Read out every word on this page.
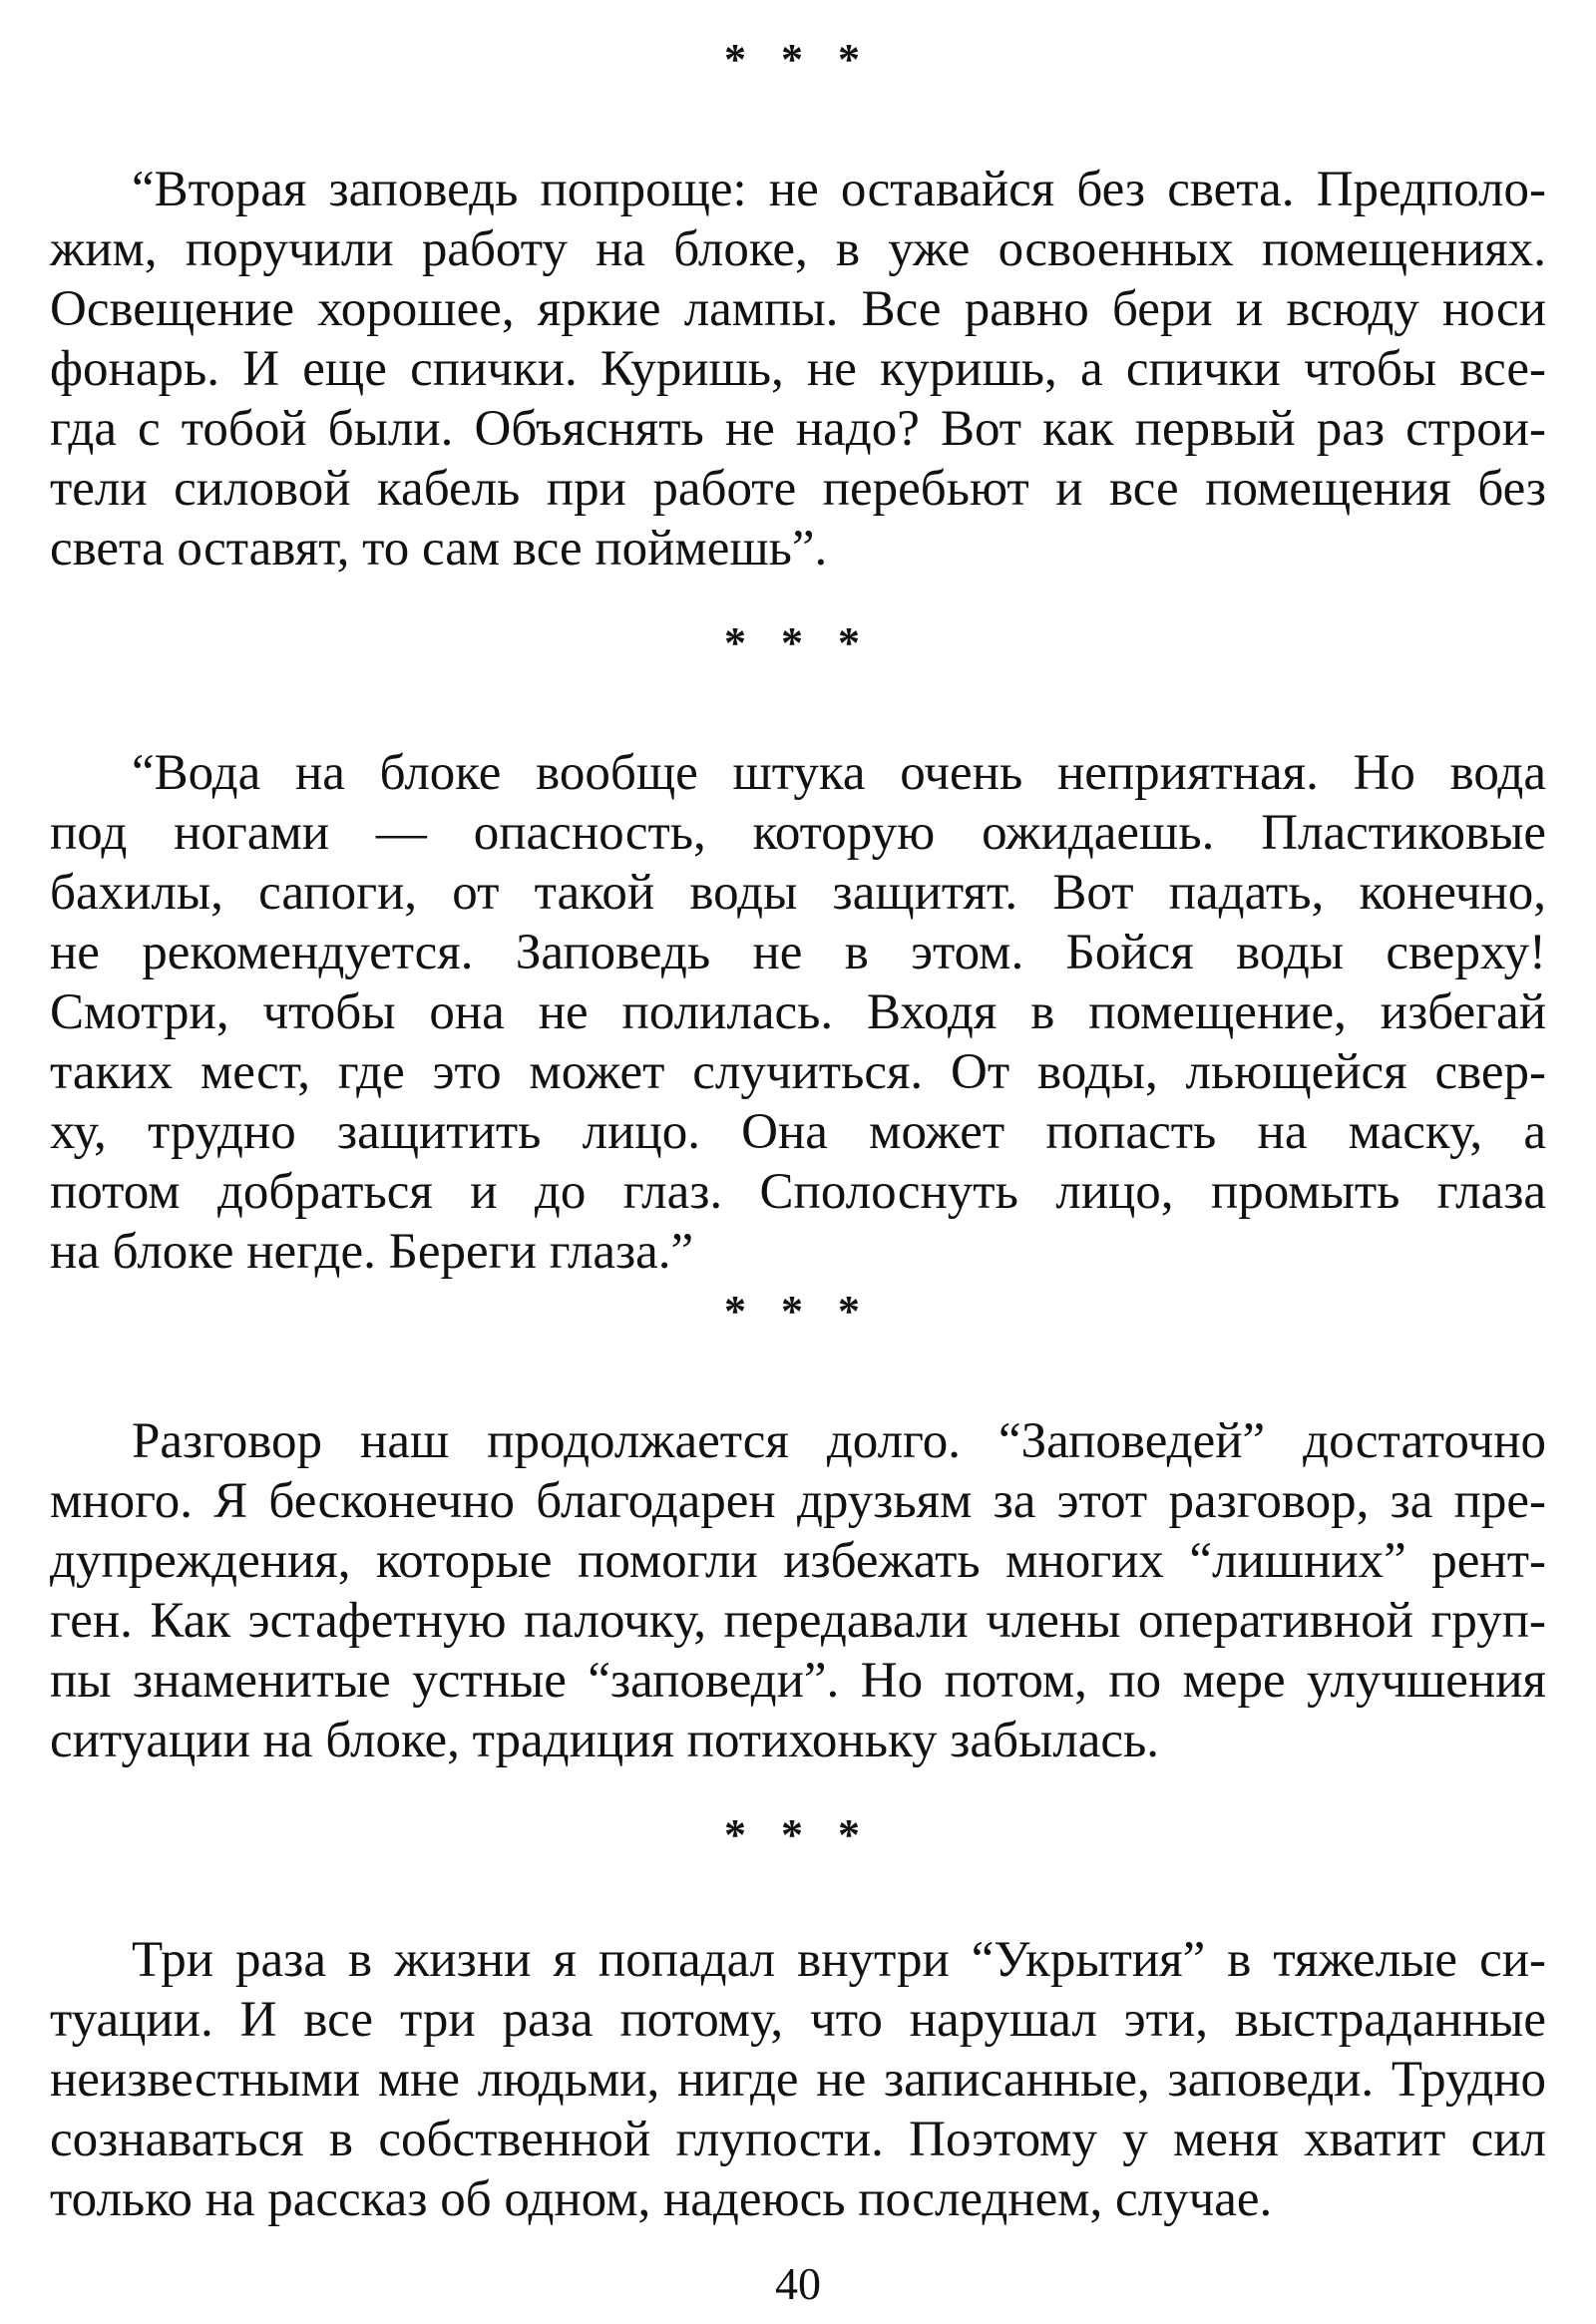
* * *
“Вторая заповедь попроще: не оставайся без света. Предполо-
жим, поручили работу на блоке, в уже освоенных помещениях.
Освещение хорошее, яркие лампы. Все равно бери и всюду носи
фонарь. И еще спички. Куришь, не куришь, а спички чтобы все-
гда с тобой были. Объяснять не надо? Вот как первый раз строи-
тели силовой кабель при работе перебьют и все помещения без
света оставят, то сам все поймешь”.
* * *
“Вода на блоке вообще штука очень неприятная. Но вода
под ногами — опасность, которую ожидаешь. Пластиковые
бахилы, сапоги, от такой воды защитят. Вот падать, конечно,
не рекомендуется. Заповедь не в этом. Бойся воды сверху!
Смотри, чтобы она не полилась. Входя в помещение, избегай
таких мест, где это может случиться. От воды, льющейся свер-
ху, трудно защитить лицо. Она может попасть на маску, а
потом добраться и до глаз. Сполоснуть лицо, промыть глаза
на блоке негде. Береги глаза.”
* * *
Разговор наш продолжается долго. “Заповедей” достаточно
много. Я бесконечно благодарен друзьям за этот разговор, за пре-
дупреждения, которые помогли избежать многих “лишних” рент-
ген. Как эстафетную палочку, передавали члены оперативной груп-
пы знаменитые устные “заповеди”. Но потом, по мере улучшения
ситуации на блоке, традиция потихоньку забылась.
* * *
Три раза в жизни я попадал внутри “Укрытия” в тяжелые си-
туации. И все три раза потому, что нарушал эти, выстраданные
неизвестными мне людьми, нигде не записанные, заповеди. Трудно
сознаваться в собственной глупости. Поэтому у меня хватит сил
только на рассказ об одном, надеюсь последнем, случае.
40
